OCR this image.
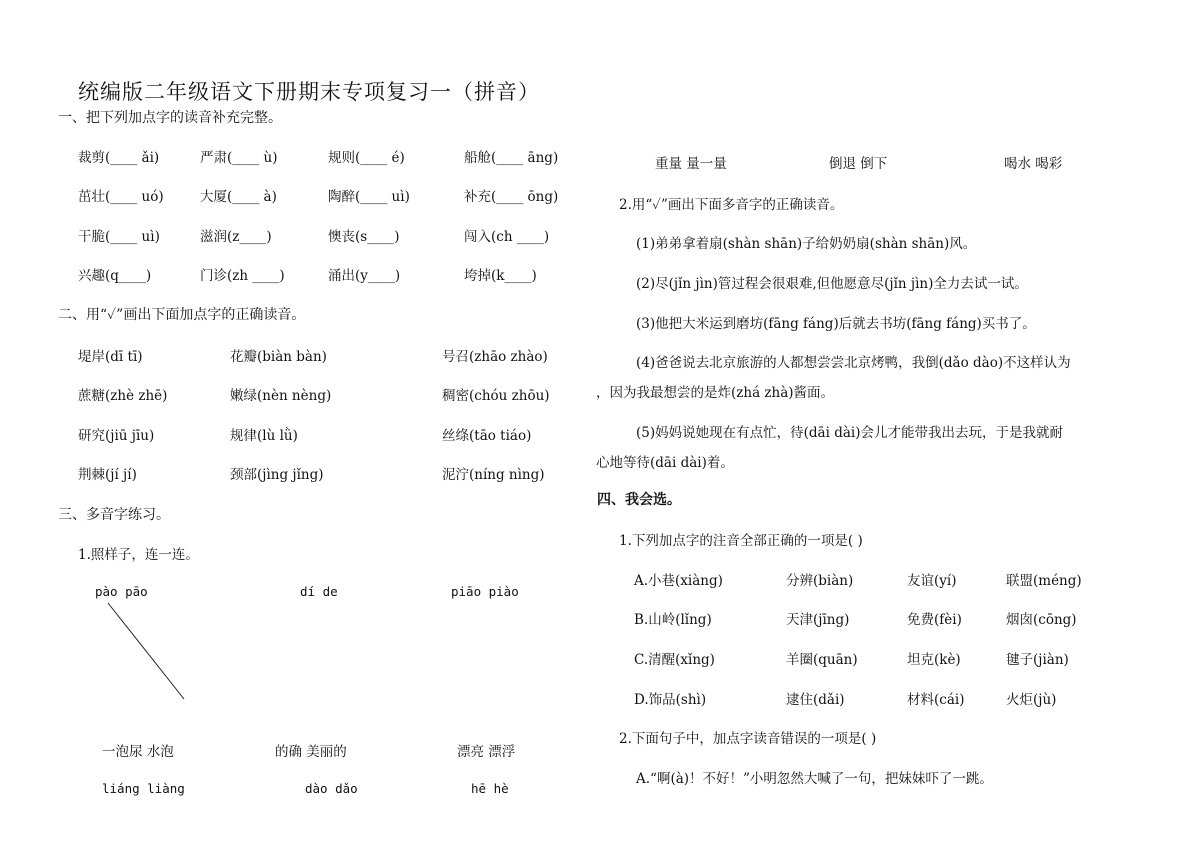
统编版二年级语文下册期末专项复习一（拼音）
一、把下列加点字的读音补充完整。
裁剪(____ ǎi)	严肃(____ ù)	规则(____ é)	船舱(____ āng)
茁壮(____ uó)	大厦(____ à)	陶醉(____ uì)	补充(____ ōng)
干脆(____ uì)	滋润(z____)	懊丧(s____)	闯入(ch ____)
兴趣(q____)	门诊(zh ____)	涌出(y____)	垮掉(k____)
二、用“✓”画出下面加点字的正确读音。
堤岸(dī tī)	花瓣(biàn bàn)	号召(zhāo zhào)
蔗糖(zhè zhē)	嫩绿(nèn nèng)	稠密(chóu zhōu)
研究(jiū jīu)	规律(lù lǜ)	丝绦(tāo tiáo)
荆棘(jí jí)	颈部(jìng jǐng)	泥泞(níng nìng)
三、多音字练习。
1.照样子，连一连。
pào pāo	dí de	piāo piào
一泡尿 水泡	的确 美丽的	漂亮 漂浮
liáng liàng	dào dǎo	hē hè
重量 量一量	倒退 倒下	喝水 喝彩
2.用“✓”画出下面多音字的正确读音。
(1)弟弟拿着扇(shàn shān)子给奶奶扇(shàn shān)风。
(2)尽(jǐn jìn)管过程会很艰难,但他愿意尽(jǐn jìn)全力去试一试。
(3)他把大米运到磨坊(fāng fáng)后就去书坊(fāng fáng)买书了。
(4)爸爸说去北京旅游的人都想尝尝北京烤鸭，我倒(dǎo dào)不这样认为
，因为我最想尝的是炸(zhá zhà)酱面。
(5)妈妈说她现在有点忙，待(dāi dài)会儿才能带我出去玩，于是我就耐
心地等待(dāi dài)着。
四、我会选。
1.下列加点字的注音全部正确的一项是( )
A.小巷(xiàng)	分辨(biàn)	友谊(yí)	联盟(méng)
B.山岭(lǐng)	天津(jīng)	免费(fèi)	烟囱(cōng)
C.清醒(xǐng)	羊圈(quān)	坦克(kè)	毽子(jiàn)
D.饰品(shì)	逮住(dǎi)	材料(cái)	火炬(jù)
2.下面句子中，加点字读音错误的一项是( )
A.“啊(à)！不好！”小明忽然大喊了一句，把妹妹吓了一跳。
